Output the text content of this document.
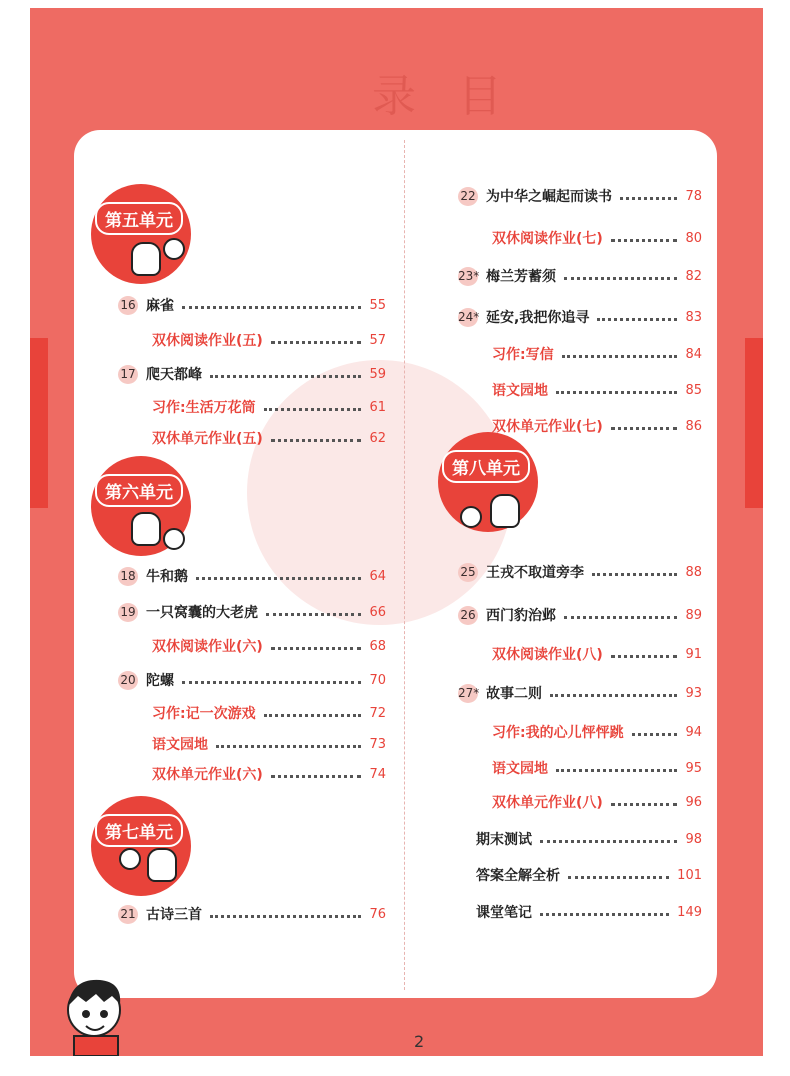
录 目
第五单元
第六单元
第七单元
第八单元
16 麻雀	55
双休阅读作业(五)	57
17 爬天都峰	59
习作:生活万花筒	61
双休单元作业(五)	62
18 牛和鹅	64
19 一只窝囊的大老虎	66
双休阅读作业(六)	68
20 陀螺	70
习作:记一次游戏	72
语文园地	73
双休单元作业(六)	74
21 古诗三首	76
22 为中华之崛起而读书	78
双休阅读作业(七)	80
23* 梅兰芳蓄须	82
24* 延安,我把你追寻	83
习作:写信	84
语文园地	85
双休单元作业(七)	86
25 王戎不取道旁李	88
26 西门豹治邺	89
双休阅读作业(八)	91
27* 故事二则	93
习作:我的心儿怦怦跳	94
语文园地	95
双休单元作业(八)	96
期末测试	98
答案全解全析	101
课堂笔记	149
2
